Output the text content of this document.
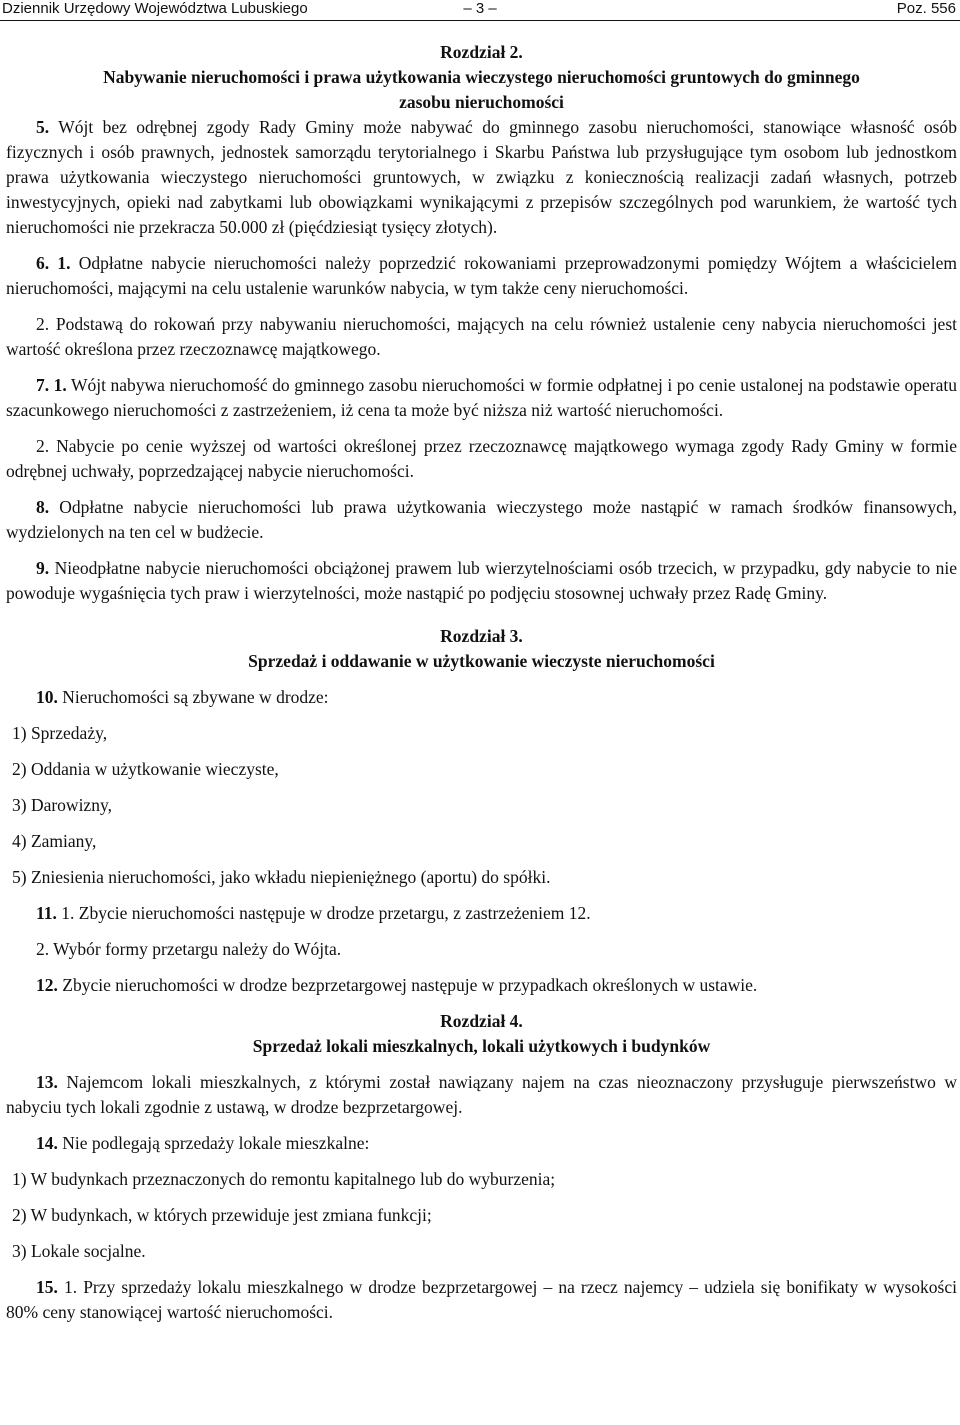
Dziennik Urzędowy Województwa Lubuskiego	– 3 –	Poz. 556

Rozdział 2.

Nabywanie nieruchomości i prawa użytkowania wieczystego nieruchomości gruntowych do gminnego

zasobu nieruchomości

5. Wójt bez odrębnej zgody Rady Gminy może nabywać do gminnego zasobu nieruchomości, stanowiące własność osób fizycznych i osób prawnych, jednostek samorządu terytorialnego i Skarbu Państwa lub przysługujące tym osobom lub jednostkom prawa użytkowania wieczystego nieruchomości gruntowych, w związku z koniecznością realizacji zadań własnych, potrzeb inwestycyjnych, opieki nad zabytkami lub obowiązkami wynikającymi z przepisów szczególnych pod warunkiem, że wartość tych nieruchomości nie przekracza 50.000 zł (pięćdziesiąt tysięcy złotych).

6. 1. Odpłatne nabycie nieruchomości należy poprzedzić rokowaniami przeprowadzonymi pomiędzy Wójtem a właścicielem nieruchomości, mającymi na celu ustalenie warunków nabycia, w tym także ceny nieruchomości.

2. Podstawą do rokowań przy nabywaniu nieruchomości, mających na celu również ustalenie ceny nabycia nieruchomości jest wartość określona przez rzeczoznawcę majątkowego.

7. 1. Wójt nabywa nieruchomość do gminnego zasobu nieruchomości w formie odpłatnej i po cenie ustalonej na podstawie operatu szacunkowego nieruchomości z zastrzeżeniem, iż cena ta może być niższa niż wartość nieruchomości.

2. Nabycie po cenie wyższej od wartości określonej przez rzeczoznawcę majątkowego wymaga zgody Rady Gminy w formie odrębnej uchwały, poprzedzającej nabycie nieruchomości.

8. Odpłatne nabycie nieruchomości lub prawa użytkowania wieczystego może nastąpić w ramach środków finansowych, wydzielonych na ten cel w budżecie.

9. Nieodpłatne nabycie nieruchomości obciążonej prawem lub wierzytelnościami osób trzecich, w przypadku, gdy nabycie to nie powoduje wygaśnięcia tych praw i wierzytelności, może nastąpić po podjęciu stosownej uchwały przez Radę Gminy.

Rozdział 3.

Sprzedaż i oddawanie w użytkowanie wieczyste nieruchomości

10. Nieruchomości są zbywane w drodze:

1) Sprzedaży,

2) Oddania w użytkowanie wieczyste,

3) Darowizny,

4) Zamiany,

5) Zniesienia nieruchomości, jako wkładu niepieniężnego (aportu) do spółki.

11. 1. Zbycie nieruchomości następuje w drodze przetargu, z zastrzeżeniem 12.

2. Wybór formy przetargu należy do Wójta.

12. Zbycie nieruchomości w drodze bezprzetargowej następuje w przypadkach określonych w ustawie.

Rozdział 4.

Sprzedaż lokali mieszkalnych, lokali użytkowych i budynków

13. Najemcom lokali mieszkalnych, z którymi został nawiązany najem na czas nieoznaczony przysługuje pierwszeństwo w nabyciu tych lokali zgodnie z ustawą, w drodze bezprzetargowej.

14. Nie podlegają sprzedaży lokale mieszkalne:

1) W budynkach przeznaczonych do remontu kapitalnego lub do wyburzenia;

2) W budynkach, w których przewiduje jest zmiana funkcji;

3) Lokale socjalne.

15. 1. Przy sprzedaży lokalu mieszkalnego w drodze bezprzetargowej – na rzecz najemcy – udziela się bonifikaty w wysokości 80% ceny stanowiącej wartość nieruchomości.
